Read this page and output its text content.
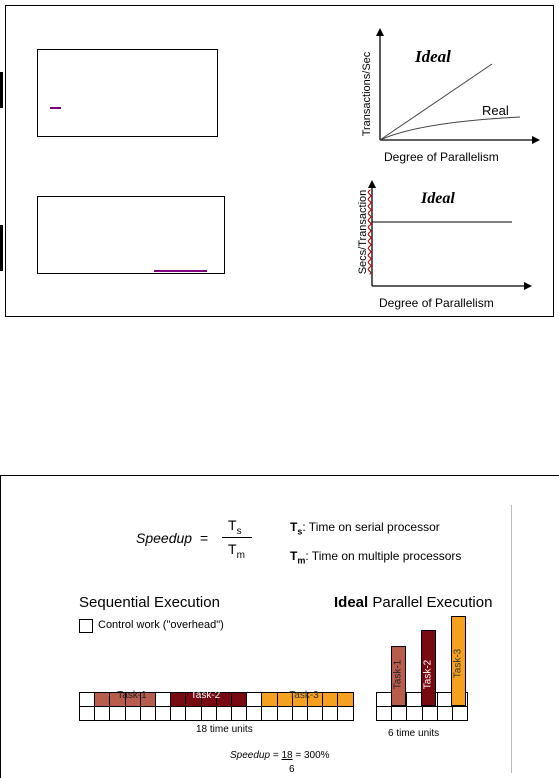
Ideal
Real
Transactions/Sec
Degree of Parallelism
Ideal
Secs/Transaction
Degree of Parallelism
Speedup =
$T_s$
$T_m$
$T_s$: Time on serial processor
$T_m$: Time on multiple processors
Sequential Execution
Control work ("overhead")
Task-1	Task-2	Task-3
18 time units
Ideal Parallel Execution
Task-1 Task-2 Task-3
6 time units
Speedup = 18 = 300%
6
